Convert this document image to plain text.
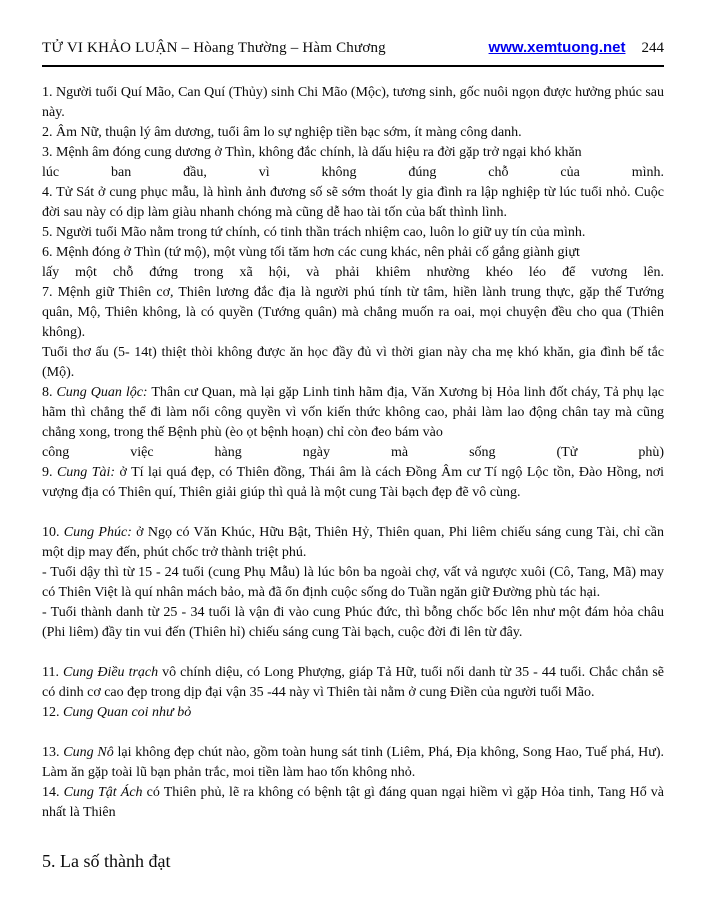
TỬ VI KHẢO LUẬN – Hòang Thường – Hàm Chương	www.xemtuong.net 244

1. Người tuổi Quí Mão, Can Quí (Thủy) sinh Chi Mão (Mộc), tương sinh, gốc nuôi ngọn được hưởng phúc sau này.

2. Âm Nữ, thuận lý âm dương, tuổi âm lo sự nghiệp tiền bạc sớm, ít màng công danh.

3. Mệnh âm đóng cung dương ở Thìn, không đắc chính, là dấu hiệu ra đời gặp trở ngại khó khăn

lúc ban đầu, vì không đúng chỗ của mình.

4. Tử Sát ở cung phục mẫu, là hình ảnh đương số sẽ sớm thoát ly gia đình ra lập nghiệp từ lúc tuổi nhỏ. Cuộc đời sau này có dịp làm giàu nhanh chóng mà cũng dễ hao tài tốn của bất thình lình.

5. Người tuổi Mão nằm trong tứ chính, có tinh thần trách nhiệm cao, luôn lo giữ uy tín của mình.

6. Mệnh đóng ở Thìn (tứ mộ), một vùng tối tăm hơn các cung khác, nên phải cố gắng giành giựt

lấy một chỗ đứng trong xã hội, và phải khiêm nhường khéo léo để vương lên.

7. Mệnh giữ Thiên cơ, Thiên lương đắc địa là người phú tính từ tâm, hiền lành trung thực, gặp thế Tướng quân, Mộ, Thiên không, là có quyền (Tướng quân) mà chẳng muốn ra oai, mọi chuyện đều cho qua (Thiên không).

Tuổi thơ ấu (5- 14t) thiệt thòi không được ăn học đầy đủ vì thời gian này cha mẹ khó khăn, gia đình bế tắc (Mộ).

8. Cung Quan lộc: Thân cư Quan, mà lại gặp Linh tinh hãm địa, Văn Xương bị Hỏa linh đốt cháy, Tả phụ lạc hãm thì chẳng thể đi làm nổi công quyền vì vốn kiến thức không cao, phải làm lao động chân tay mà cũng chẳng xong, trong thế Bệnh phù (èo ọt bệnh hoạn) chỉ còn đeo bám vào

công việc hàng ngày mà sống (Tử phù)

9. Cung Tài: ở Tí lại quá đẹp, có Thiên đồng, Thái âm là cách Đồng Âm cư Tí ngộ Lộc tồn, Đào Hồng, nơi vượng địa có Thiên quí, Thiên giải giúp thì quả là một cung Tài bạch đẹp đẽ vô cùng.

10. Cung Phúc: ở Ngọ có Văn Khúc, Hữu Bật, Thiên Hỷ, Thiên quan, Phi liêm chiếu sáng cung Tài, chỉ cần một dịp may đến, phút chốc trở thành triệt phú.

- Tuổi dậy thì từ 15 - 24 tuổi (cung Phụ Mẫu) là lúc bôn ba ngoài chợ, vất vả ngược xuôi (Cô, Tang, Mã) may có Thiên Việt là quí nhân mách bảo, mà đã ổn định cuộc sống do Tuần ngăn giữ Đường phù tác hại.

- Tuổi thành danh từ 25 - 34 tuổi là vận đi vào cung Phúc đức, thì bỗng chốc bốc lên như một đám hỏa châu (Phi liêm) đầy tin vui đến (Thiên hỉ) chiếu sáng cung Tài bạch, cuộc đời đi lên từ đây.

11. Cung Điều trạch vô chính diệu, có Long Phượng, giáp Tả Hữ, tuổi nổi danh từ 35 - 44 tuổi. Chắc chắn sẽ có dinh cơ cao đẹp trong dịp đại vận 35 -44 này vì Thiên tài nằm ở cung Điền của người tuổi Mão.

12. Cung Quan coi như bỏ

13. Cung Nô lại không đẹp chút nào, gồm toàn hung sát tinh (Liêm, Phá, Địa không, Song Hao, Tuế phá, Hư). Làm ăn gặp toài lũ bạn phản trắc, moi tiền làm hao tốn không nhỏ.

14. Cung Tật Ách có Thiên phủ, lẽ ra không có bệnh tật gì đáng quan ngại hiềm vì gặp Hỏa tinh, Tang Hổ và nhất là Thiên

5. La số thành đạt
